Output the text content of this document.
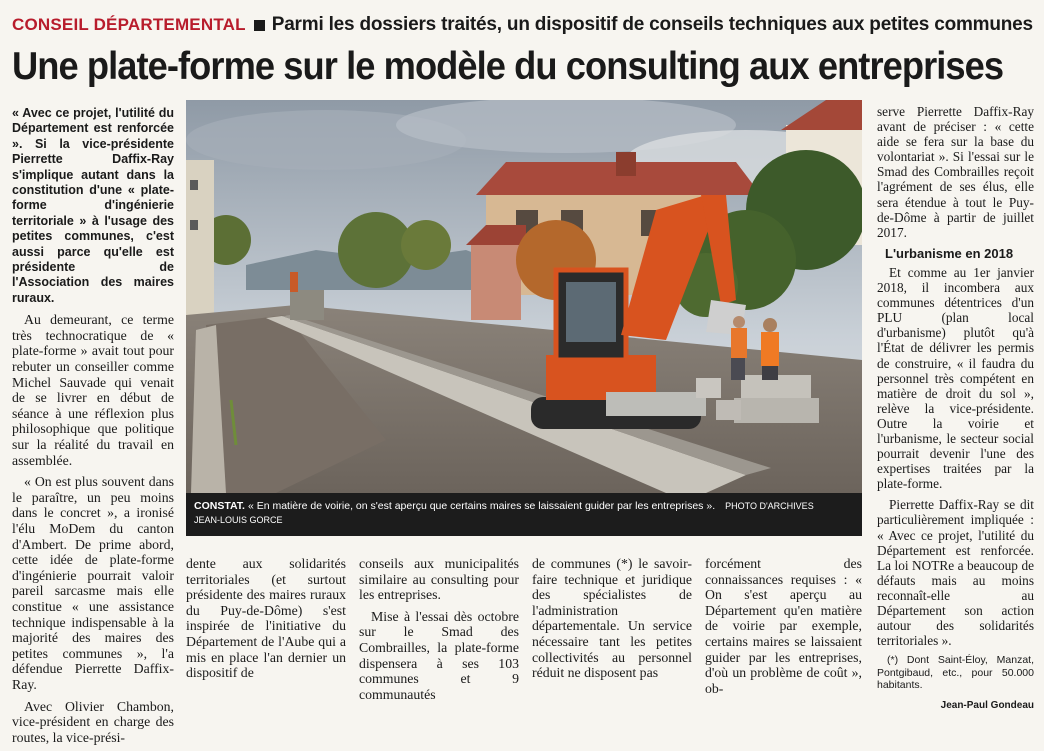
CONSEIL DÉPARTEMENTAL Parmi les dossiers traités, un dispositif de conseils techniques aux petites communes
Une plate-forme sur le modèle du consulting aux entreprises

« Avec ce projet, l'utilité du Département est renforcée ». Si la vice-présidente Pierrette Daffix-Ray s'implique autant dans la constitution d'une « plate-forme d'ingénierie territoriale » à l'usage des petites communes, c'est aussi parce qu'elle est présidente de l'Association des maires ruraux.

Au demeurant, ce terme très technocratique de « plate-forme » avait tout pour rebuter un conseiller comme Michel Sauvade qui venait de se livrer en début de séance à une réflexion plus philosophique que politique sur la réalité du travail en assemblée.

« On est plus souvent dans le paraître, un peu moins dans le concret », a ironisé l'élu MoDem du canton d'Ambert. De prime abord, cette idée de plate-forme d'ingénierie pourrait valoir pareil sarcasme mais elle constitue « une assistance technique indispensable à la majorité des maires des petites communes », l'a défendue Pierrette Daffix-Ray.

Avec Olivier Chambon, vice-président en charge des routes, la vice-prési-

CONSTAT. « En matière de voirie, on s'est aperçu que certains maires se laissaient guider par les entreprises ». PHOTO D'ARCHIVES
JEAN-LOUIS GORCE

dente aux solidarités territoriales (et surtout présidente des maires ruraux du Puy-de-Dôme) s'est inspirée de l'initiative du Département de l'Aube qui a mis en place l'an dernier un dispositif de

conseils aux municipalités similaire au consulting pour les entreprises.

Mise à l'essai dès octobre sur le Smad des Combrailles, la plate-forme dispensera à ses 103 communes et 9 communautés

de communes (*) le savoir-faire technique et juridique des spécialistes de l'administration départementale. Un service nécessaire tant les petites collectivités au personnel réduit ne disposent pas

forcément des connaissances requises : « On s'est aperçu au Département qu'en matière de voirie par exemple, certains maires se laissaient guider par les entreprises, d'où un problème de coût », ob-

serve Pierrette Daffix-Ray avant de préciser : « cette aide se fera sur la base du volontariat ». Si l'essai sur le Smad des Combrailles reçoit l'agrément de ses élus, elle sera étendue à tout le Puy-de-Dôme à partir de juillet 2017.

L'urbanisme en 2018

Et comme au 1er janvier 2018, il incombera aux communes détentrices d'un PLU (plan local d'urbanisme) plutôt qu'à l'État de délivrer les permis de construire, « il faudra du personnel très compétent en matière de droit du sol », relève la vice-présidente. Outre la voirie et l'urbanisme, le secteur social pourrait devenir l'une des expertises traitées par la plate-forme.

Pierrette Daffix-Ray se dit particulièrement impliquée : « Avec ce projet, l'utilité du Département est renforcée. La loi NOTRe a beaucoup de défauts mais au moins reconnaît-elle au Département son action autour des solidarités territoriales ».

(*) Dont Saint-Éloy, Manzat, Pontgibaud, etc., pour 50.000 habitants.

Jean-Paul Gondeau
